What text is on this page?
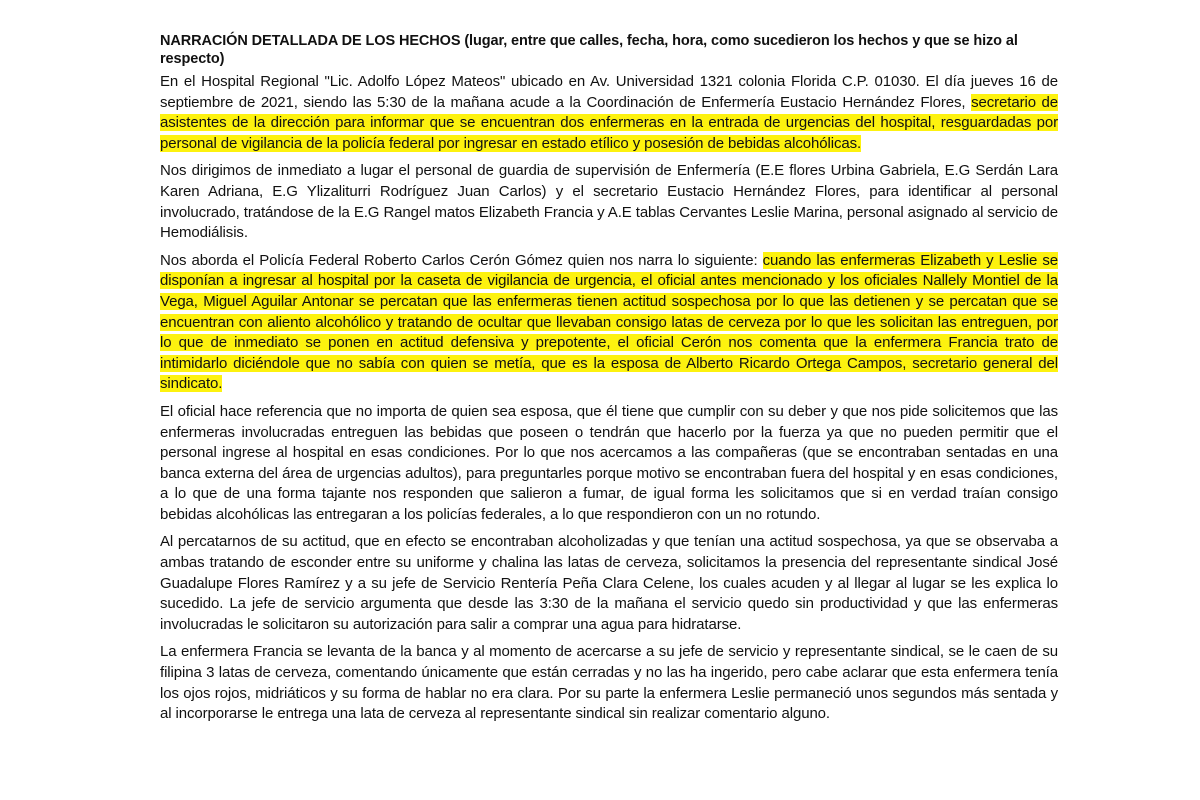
NARRACIÓN DETALLADA DE LOS HECHOS (lugar, entre que calles, fecha, hora, como sucedieron los hechos y que se hizo al respecto)

En el Hospital Regional "Lic. Adolfo López Mateos" ubicado en Av. Universidad 1321 colonia Florida C.P. 01030. El día jueves 16 de septiembre de 2021, siendo las 5:30 de la mañana acude a la Coordinación de Enfermería Eustacio Hernández Flores, secretario de asistentes de la dirección para informar que se encuentran dos enfermeras en la entrada de urgencias del hospital, resguardadas por personal de vigilancia de la policía federal por ingresar en estado etílico y posesión de bebidas alcohólicas.

Nos dirigimos de inmediato a lugar el personal de guardia de supervisión de Enfermería (E.E flores Urbina Gabriela, E.G Serdán Lara Karen Adriana, E.G Ylizaliturri Rodríguez Juan Carlos) y el secretario Eustacio Hernández Flores, para identificar al personal involucrado, tratándose de la E.G Rangel matos Elizabeth Francia y A.E tablas Cervantes Leslie Marina, personal asignado al servicio de Hemodiálisis.

Nos aborda el Policía Federal Roberto Carlos Cerón Gómez quien nos narra lo siguiente: cuando las enfermeras Elizabeth y Leslie se disponían a ingresar al hospital por la caseta de vigilancia de urgencia, el oficial antes mencionado y los oficiales Nallely Montiel de la Vega, Miguel Aguilar Antonar se percatan que las enfermeras tienen actitud sospechosa por lo que las detienen y se percatan que se encuentran con aliento alcohólico y tratando de ocultar que llevaban consigo latas de cerveza por lo que les solicitan las entreguen, por lo que de inmediato se ponen en actitud defensiva y prepotente, el oficial Cerón nos comenta que la enfermera Francia trato de intimidarlo diciéndole que no sabía con quien se metía, que es la esposa de Alberto Ricardo Ortega Campos, secretario general del sindicato.

El oficial hace referencia que no importa de quien sea esposa, que él tiene que cumplir con su deber y que nos pide solicitemos que las enfermeras involucradas entreguen las bebidas que poseen o tendrán que hacerlo por la fuerza ya que no pueden permitir que el personal ingrese al hospital en esas condiciones. Por lo que nos acercamos a las compañeras (que se encontraban sentadas en una banca externa del área de urgencias adultos), para preguntarles porque motivo se encontraban fuera del hospital y en esas condiciones, a lo que de una forma tajante nos responden que salieron a fumar, de igual forma les solicitamos que si en verdad traían consigo bebidas alcohólicas las entregaran a los policías federales, a lo que respondieron con un no rotundo.

Al percatarnos de su actitud, que en efecto se encontraban alcoholizadas y que tenían una actitud sospechosa, ya que se observaba a ambas tratando de esconder entre su uniforme y chalina las latas de cerveza, solicitamos la presencia del representante sindical José Guadalupe Flores Ramírez y a su jefe de Servicio Rentería Peña Clara Celene, los cuales acuden y al llegar al lugar se les explica lo sucedido. La jefe de servicio argumenta que desde las 3:30 de la mañana el servicio quedo sin productividad y que las enfermeras involucradas le solicitaron su autorización para salir a comprar una agua para hidratarse.

La enfermera Francia se levanta de la banca y al momento de acercarse a su jefe de servicio y representante sindical, se le caen de su filipina 3 latas de cerveza, comentando únicamente que están cerradas y no las ha ingerido, pero cabe aclarar que esta enfermera tenía los ojos rojos, midriáticos y su forma de hablar no era clara. Por su parte la enfermera Leslie permaneció unos segundos más sentada y al incorporarse le entrega una lata de cerveza al representante sindical sin realizar comentario alguno.
